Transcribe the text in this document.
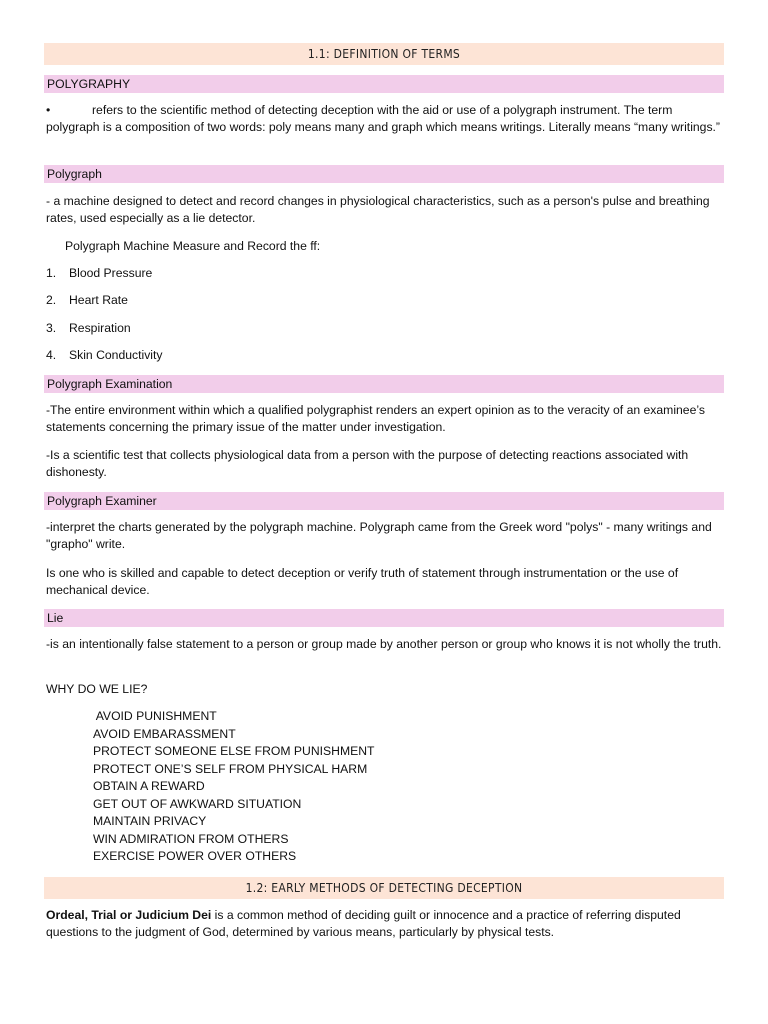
1.1: DEFINITION OF TERMS
POLYGRAPHY

•	refers to the scientific method of detecting deception with the aid or use of a polygraph instrument. The term polygraph is a composition of two words: poly means many and graph which means writings. Literally means “many writings.”

Polygraph
- a machine designed to detect and record changes in physiological characteristics, such as a person's pulse and breathing rates, used especially as a lie detector.
Polygraph Machine Measure and Record the ff:
1. Blood Pressure
2. Heart Rate
3. Respiration
4. Skin Conductivity
Polygraph Examination
-The entire environment within which a qualified polygraphist renders an expert opinion as to the veracity of an examinee’s statements concerning the primary issue of the matter under investigation.
-Is a scientific test that collects physiological data from a person with the purpose of detecting reactions associated with dishonesty.
Polygraph Examiner
-interpret the charts generated by the polygraph machine. Polygraph came from the Greek word "polys" - many writings and "grapho" write.
Is one who is skilled and capable to detect deception or verify truth of statement through instrumentation or the use of mechanical device.
Lie
-is an intentionally false statement to a person or group made by another person or group who knows it is not wholly the truth.
WHY DO WE LIE?
AVOID PUNISHMENT
AVOID EMBARASSMENT
PROTECT SOMEONE ELSE FROM PUNISHMENT
PROTECT ONE’S SELF FROM PHYSICAL HARM
OBTAIN A REWARD
GET OUT OF AWKWARD SITUATION
MAINTAIN PRIVACY
WIN ADMIRATION FROM OTHERS
EXERCISE POWER OVER OTHERS
1.2: EARLY METHODS OF DETECTING DECEPTION
Ordeal, Trial or Judicium Dei is a common method of deciding guilt or innocence and a practice of referring disputed questions to the judgment of God, determined by various means, particularly by physical tests.
